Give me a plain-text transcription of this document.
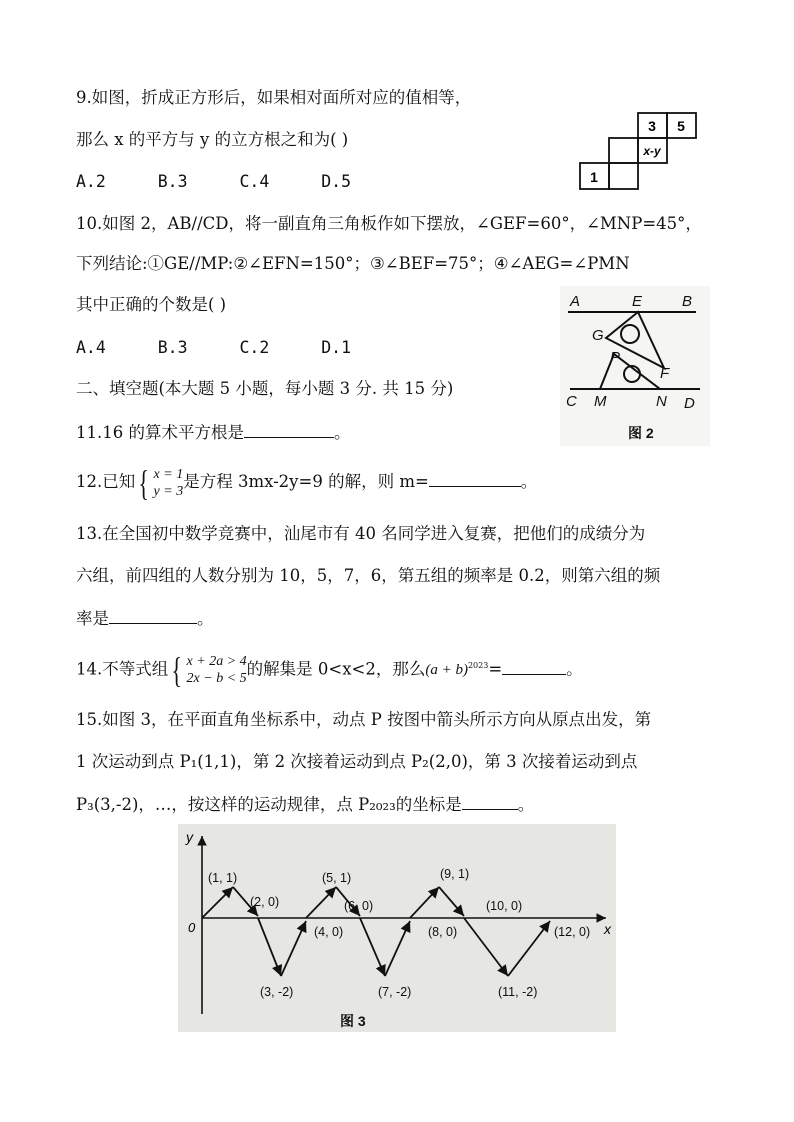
9.如图，折成正方形后，如果相对面所对应的值相等，
那么 x 的平方与 y 的立方根之和为( )
A.2	B.3	C.4	D.5
3 5
x-y
1
10.如图 2，AB//CD，将一副直角三角板作如下摆放，∠GEF=60°，∠MNP=45°，
下列结论:①GE//MP:②∠EFN=150°；③∠BEF=75°；④∠AEG=∠PMN
其中正确的个数是( )
A.4	B.3	C.2	D.1
A	E	B
G
P
F
C M	N D
图 2
二、填空题(本大题 5 小题，每小题 3 分. 共 15 分)
11.16 的算术平方根是	。
12.已知 { x = 1
y = 3 是方程 3mx-2y=9 的解，则 m=	。
13.在全国初中数学竞赛中，汕尾市有 40 名同学进入复赛，把他们的成绩分为
六组，前四组的人数分别为 10，5，7，6，第五组的频率是 0.2，则第六组的频
率是	。
14.不等式组 { x + 2a > 4
2x − b < 5 的解集是 0<x<2，那么$(a + b)^{2023}=$	。
15.如图 3，在平面直角坐标系中，动点 P 按图中箭头所示方向从原点出发，第
1 次运动到点 P₁(1,1)，第 2 次接着运动到点 P₂(2,0)，第 3 次接着运动到点
P₃(3,-2)，…，按这样的运动规律，点 P₂₀₂₃的坐标是	。
y
x
0
(1, 1)
(2, 0)
(3, -2)
(4, 0)
(5, 1)
(6, 0)
(7, -2)
(8, 0)
(9, 1)
(10, 0)
(11, -2)
(12, 0)
图 3
